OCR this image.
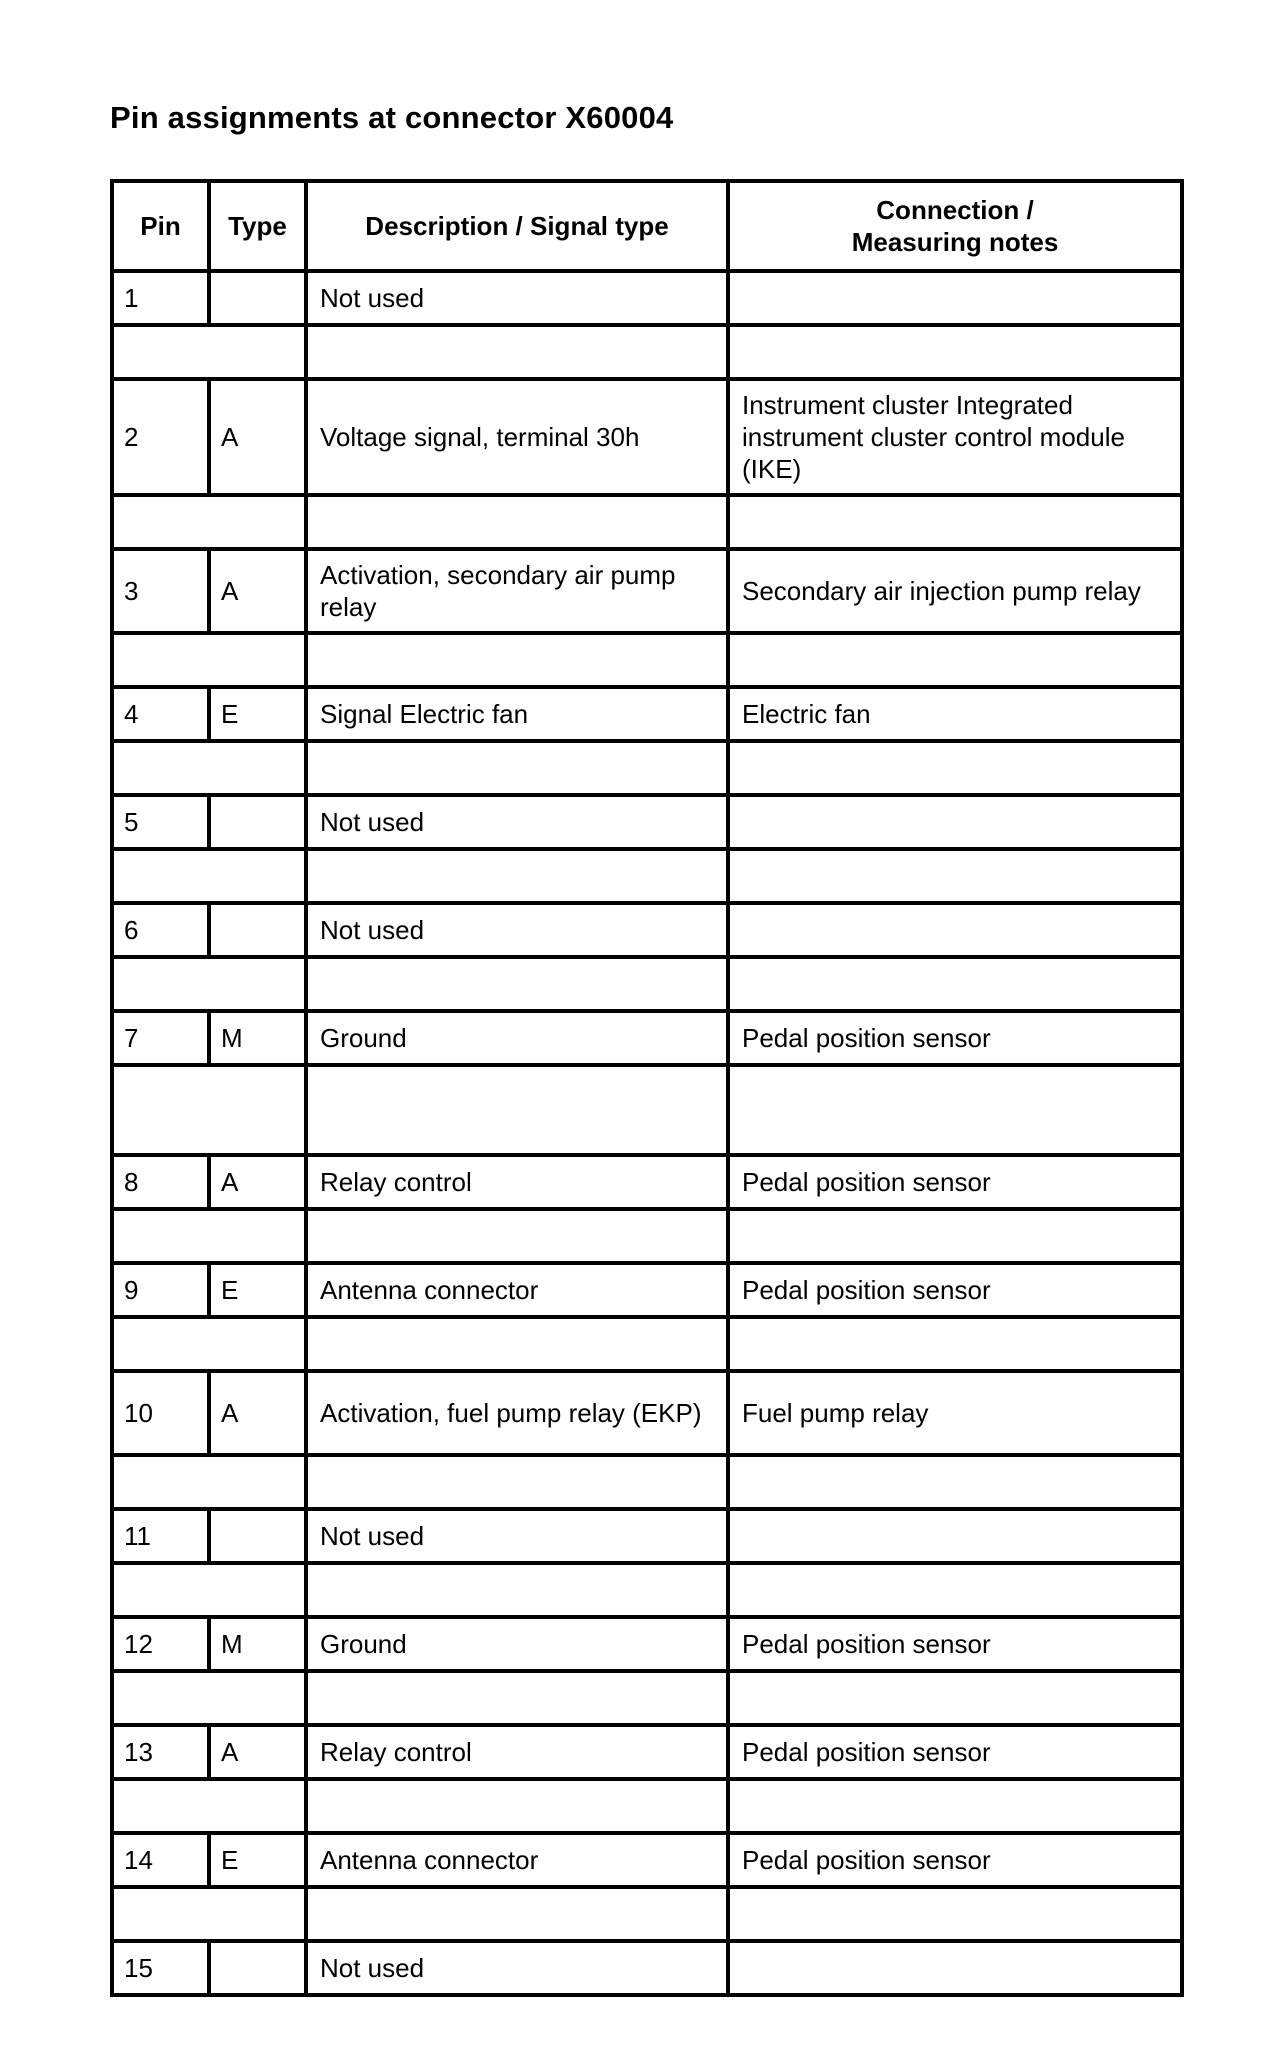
Pin assignments at connector X60004
Pin	Type	Description / Signal type	Connection /
Measuring notes
1		Not used	

2	A	Voltage signal, terminal 30h	Instrument cluster Integrated instrument cluster control module (IKE)

3	A	Activation, secondary air pump relay	Secondary air injection pump relay

4	E	Signal Electric fan	Electric fan

5		Not used	

6		Not used	

7	M	Ground	Pedal position sensor

8	A	Relay control	Pedal position sensor

9	E	Antenna connector	Pedal position sensor

10	A	Activation, fuel pump relay (EKP)	Fuel pump relay

11		Not used	

12	M	Ground	Pedal position sensor

13	A	Relay control	Pedal position sensor

14	E	Antenna connector	Pedal position sensor

15		Not used	
